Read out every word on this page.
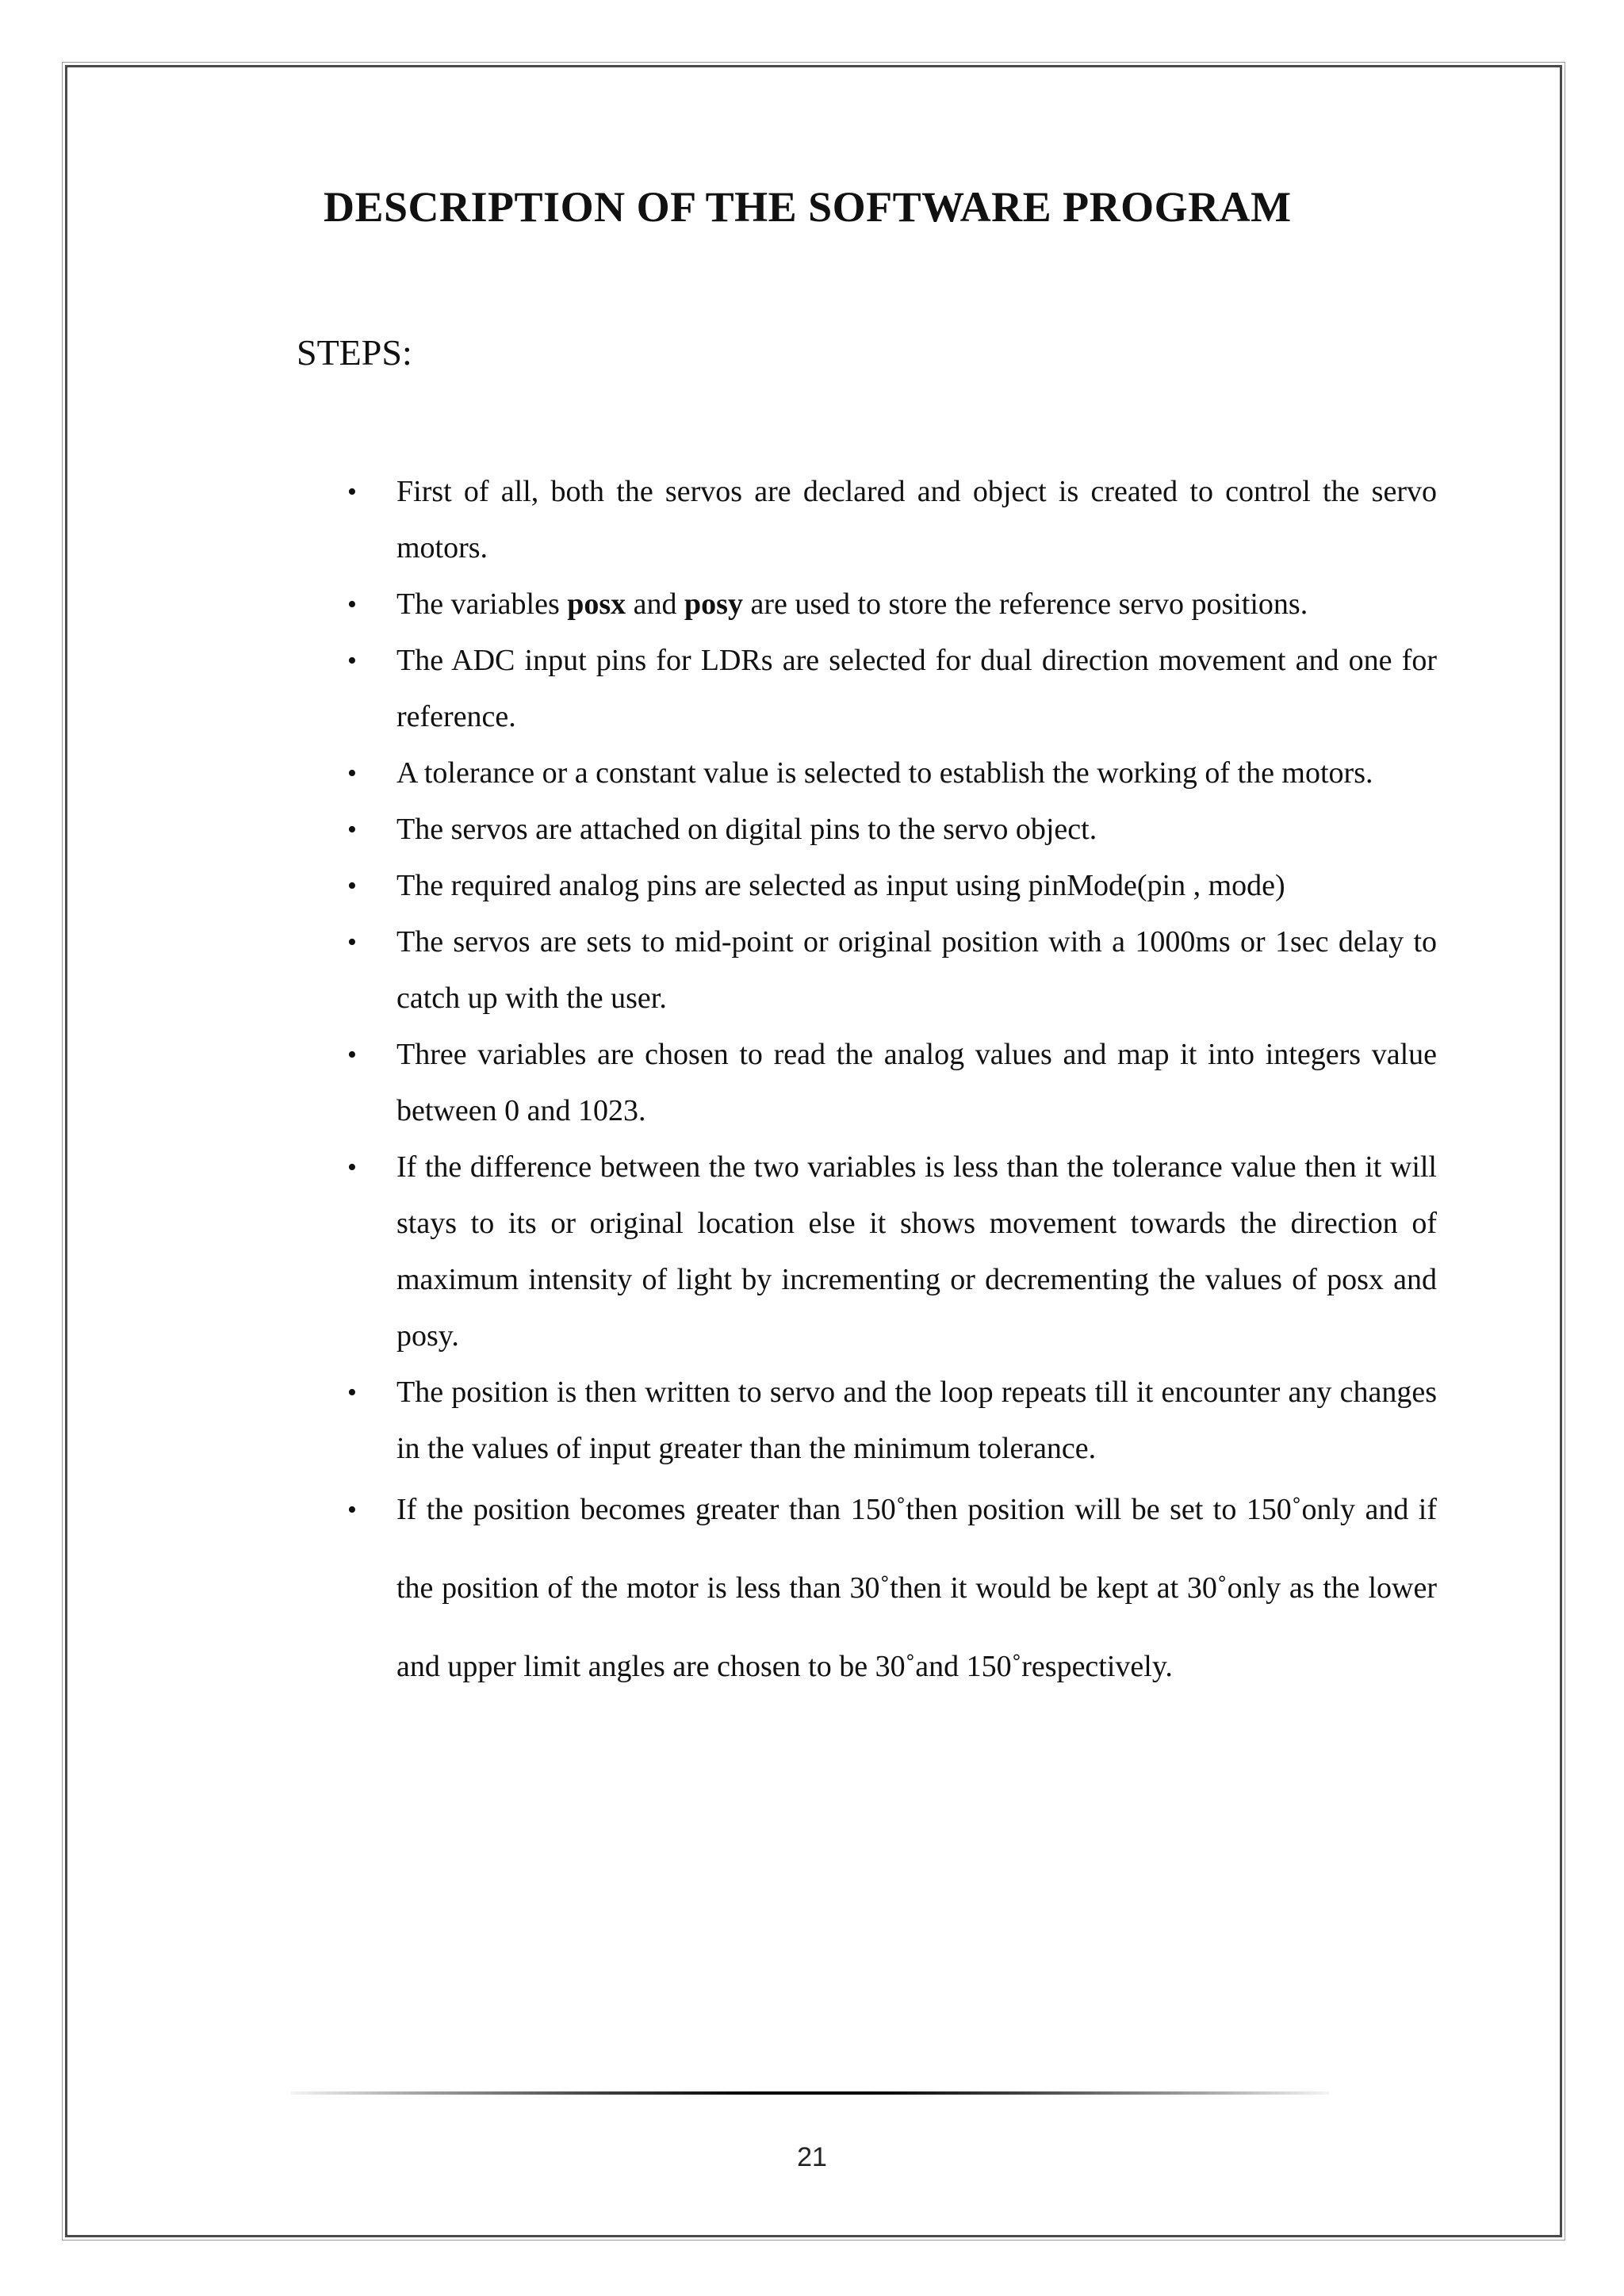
DESCRIPTION OF THE SOFTWARE PROGRAM
STEPS:
• First of all, both the servos are declared and object is created to control the servo motors.
• The variables posx and posy are used to store the reference servo positions.
• The ADC input pins for LDRs are selected for dual direction movement and one for reference.
• A tolerance or a constant value is selected to establish the working of the motors.
• The servos are attached on digital pins to the servo object.
• The required analog pins are selected as input using pinMode(pin , mode)
• The servos are sets to mid-point or original position with a 1000ms or 1sec delay to catch up with the user.
• Three variables are chosen to read the analog values and map it into integers value between 0 and 1023.
• If the difference between the two variables is less than the tolerance value then it will stays to its or original location else it shows movement towards the direction of maximum intensity of light by incrementing or decrementing the values of posx and posy.
• The position is then written to servo and the loop repeats till it encounter any changes in the values of input greater than the minimum tolerance.
• If the position becomes greater than 150˚then position will be set to 150˚only and if the position of the motor is less than 30˚then it would be kept at 30˚only as the lower and upper limit angles are chosen to be 30˚and 150˚respectively.
21
